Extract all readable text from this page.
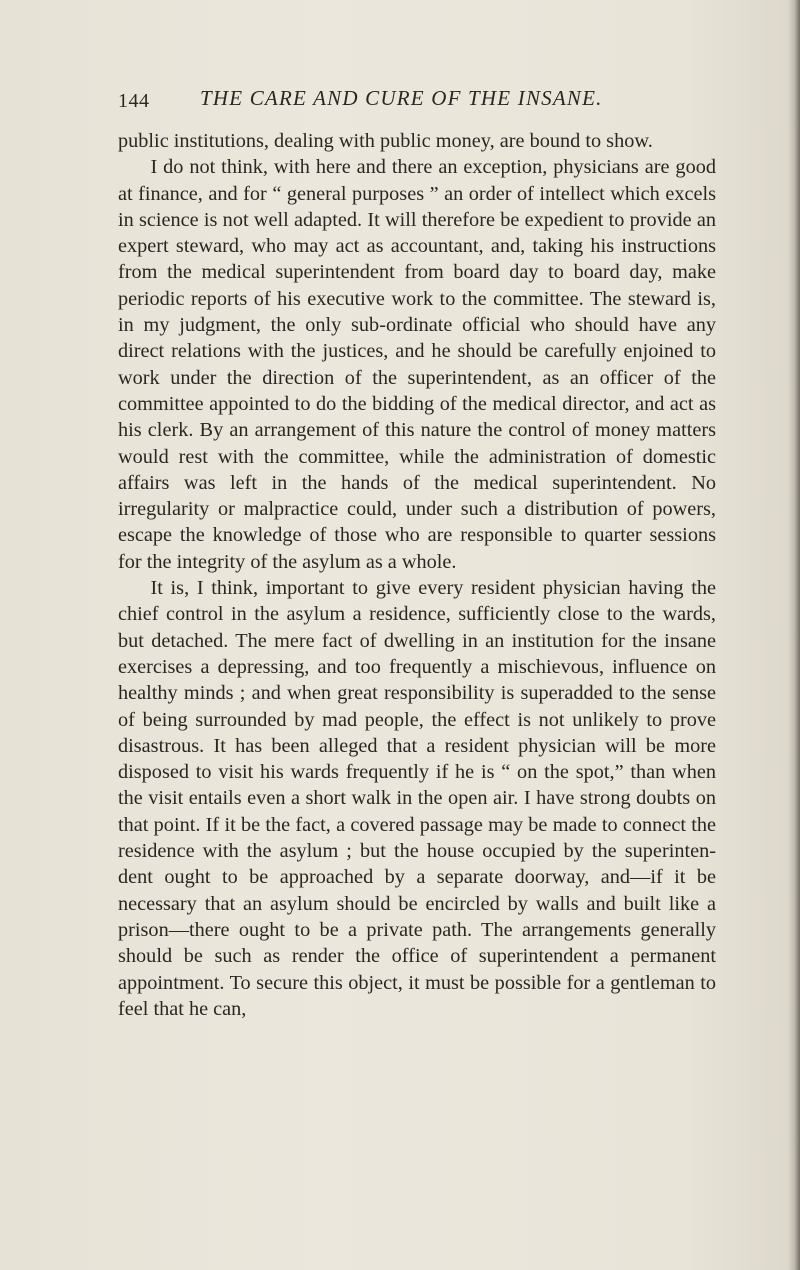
144 THE CARE AND CURE OF THE INSANE.

public institutions, dealing with public money, are bound to show.

I do not think, with here and there an exception, physicians are good at finance, and for “ general purposes ” an order of intellect which excels in science is not well adapted. It will therefore be expedient to provide an expert steward, who may act as accountant, and, taking his instructions from the medical superintendent from board day to board day, make periodic reports of his executive work to the committee. The steward is, in my judgment, the only sub-ordinate official who should have any direct relations with the justices, and he should be carefully enjoined to work under the direction of the superintendent, as an officer of the committee appointed to do the bidding of the medical director, and act as his clerk. By an arrangement of this nature the control of money matters would rest with the committee, while the administration of domestic affairs was left in the hands of the medical superintendent. No irregularity or malpractice could, under such a distribution of powers, escape the knowledge of those who are responsible to quarter sessions for the integrity of the asylum as a whole.

It is, I think, important to give every resident physician having the chief control in the asylum a residence, sufficiently close to the wards, but detached. The mere fact of dwelling in an institution for the insane exercises a depressing, and too frequently a mischievous, influence on healthy minds ; and when great responsibility is superadded to the sense of being surrounded by mad people, the effect is not unlikely to prove disastrous. It has been alleged that a resident physician will be more disposed to visit his wards frequently if he is “ on the spot,” than when the visit entails even a short walk in the open air. I have strong doubts on that point. If it be the fact, a covered passage may be made to connect the residence with the asylum ; but the house occupied by the superinten-dent ought to be approached by a separate doorway, and—if it be necessary that an asylum should be encircled by walls and built like a prison—there ought to be a private path. The arrangements generally should be such as render the office of superintendent a permanent appointment. To secure this object, it must be possible for a gentleman to feel that he can,
